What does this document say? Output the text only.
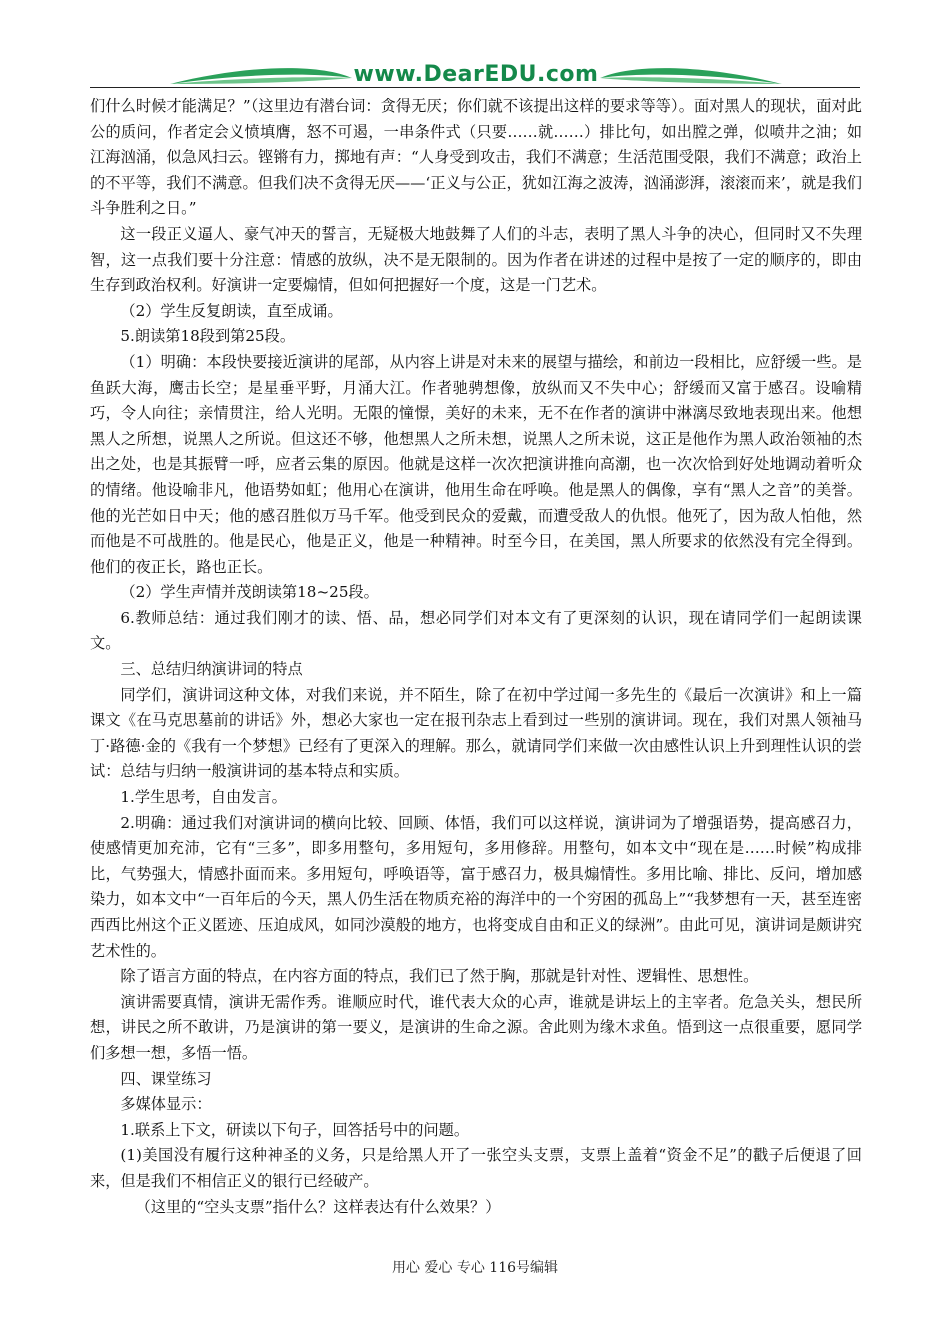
www.DearEDU.com

们什么时候才能满足？”（这里边有潜台词：贪得无厌；你们就不该提出这样的要求等等）。面对黑人的现状，面对此公的质问，作者定会义愤填膺，怒不可遏，一串条件式（只要……就……）排比句，如出膛之弹，似喷井之油；如江海汹涌，似急风扫云。铿锵有力，掷地有声：“人身受到攻击，我们不满意；生活范围受限，我们不满意；政治上的不平等，我们不满意。但我们决不贪得无厌——‘正义与公正，犹如江海之波涛，汹涌澎湃，滚滚而来’，就是我们斗争胜利之日。”

这一段正义逼人、豪气冲天的誓言，无疑极大地鼓舞了人们的斗志，表明了黑人斗争的决心，但同时又不失理智，这一点我们要十分注意：情感的放纵，决不是无限制的。因为作者在讲述的过程中是按了一定的顺序的，即由生存到政治权利。好演讲一定要煽情，但如何把握好一个度，这是一门艺术。

（2）学生反复朗读，直至成诵。

5.朗读第18段到第25段。

（1）明确：本段快要接近演讲的尾部，从内容上讲是对未来的展望与描绘，和前边一段相比，应舒缓一些。是鱼跃大海，鹰击长空；是星垂平野，月涌大江。作者驰骋想像，放纵而又不失中心；舒缓而又富于感召。设喻精巧，令人向往；亲情贯注，给人光明。无限的憧憬，美好的未来，无不在作者的演讲中淋漓尽致地表现出来。他想黑人之所想，说黑人之所说。但这还不够，他想黑人之所未想，说黑人之所未说，这正是他作为黑人政治领袖的杰出之处，也是其振臂一呼，应者云集的原因。他就是这样一次次把演讲推向高潮，也一次次恰到好处地调动着听众的情绪。他设喻非凡，他语势如虹；他用心在演讲，他用生命在呼唤。他是黑人的偶像，享有“黑人之音”的美誉。他的光芒如日中天；他的感召胜似万马千军。他受到民众的爱戴，而遭受敌人的仇恨。他死了，因为敌人怕他，然而他是不可战胜的。他是民心，他是正义，他是一种精神。时至今日，在美国，黑人所要求的依然没有完全得到。他们的夜正长，路也正长。

（2）学生声情并茂朗读第18~25段。

6.教师总结：通过我们刚才的读、悟、品，想必同学们对本文有了更深刻的认识，现在请同学们一起朗读课文。

三、总结归纳演讲词的特点

同学们，演讲词这种文体，对我们来说，并不陌生，除了在初中学过闻一多先生的《最后一次演讲》和上一篇课文《在马克思墓前的讲话》外，想必大家也一定在报刊杂志上看到过一些别的演讲词。现在，我们对黑人领袖马丁·路德·金的《我有一个梦想》已经有了更深入的理解。那么，就请同学们来做一次由感性认识上升到理性认识的尝试：总结与归纳一般演讲词的基本特点和实质。

1.学生思考，自由发言。

2.明确：通过我们对演讲词的横向比较、回顾、体悟，我们可以这样说，演讲词为了增强语势，提高感召力，使感情更加充沛，它有“三多”，即多用整句，多用短句，多用修辞。用整句，如本文中“现在是……时候”构成排比，气势强大，情感扑面而来。多用短句，呼唤语等，富于感召力，极具煽情性。多用比喻、排比、反问，增加感染力，如本文中“一百年后的今天，黑人仍生活在物质充裕的海洋中的一个穷困的孤岛上”“我梦想有一天，甚至连密西西比州这个正义匿迹、压迫成风，如同沙漠般的地方，也将变成自由和正义的绿洲”。由此可见，演讲词是颇讲究艺术性的。

除了语言方面的特点，在内容方面的特点，我们已了然于胸，那就是针对性、逻辑性、思想性。

演讲需要真情，演讲无需作秀。谁顺应时代，谁代表大众的心声，谁就是讲坛上的主宰者。危急关头，想民所想，讲民之所不敢讲，乃是演讲的第一要义，是演讲的生命之源。舍此则为缘木求鱼。悟到这一点很重要，愿同学们多想一想，多悟一悟。

四、课堂练习

多媒体显示：

1.联系上下文，研读以下句子，回答括号中的问题。

(1)美国没有履行这种神圣的义务，只是给黑人开了一张空头支票，支票上盖着“资金不足”的戳子后便退了回来，但是我们不相信正义的银行已经破产。

（这里的“空头支票”指什么？这样表达有什么效果？）

用心 爱心 专心 116号编辑
